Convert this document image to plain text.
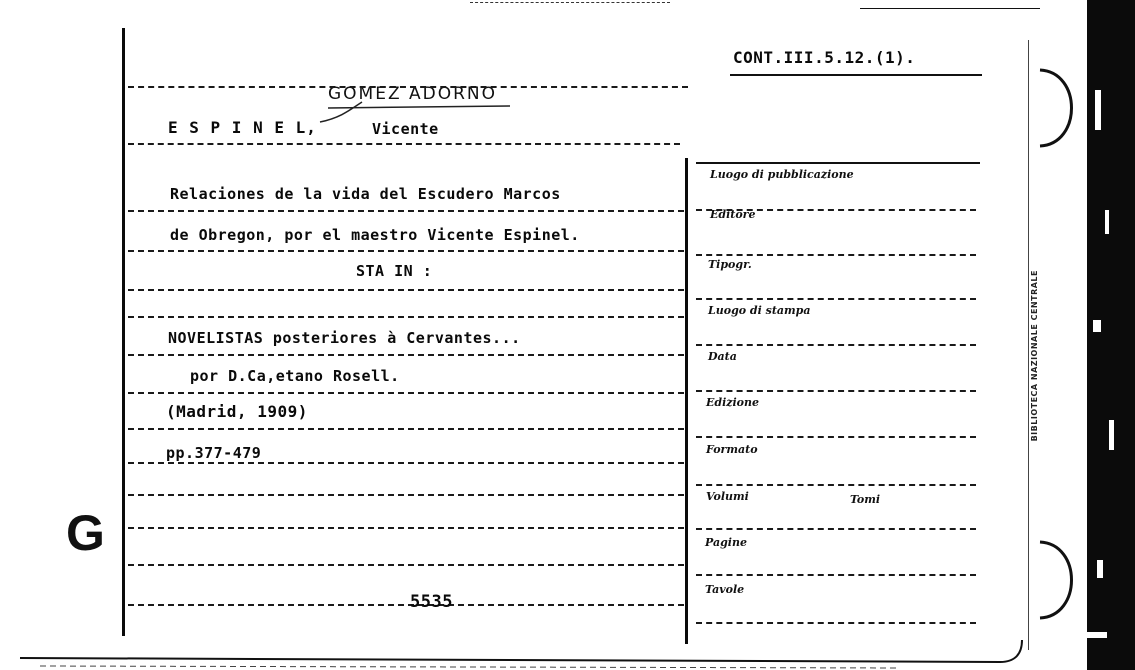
CONT.III.5.12.(1).
GOMEZ ADORNO
E S P I N E L,	Vicente
Relaciones de la vida del Escudero Marcos
de Obregon, por el maestro Vicente Espinel.
STA IN :
NOVELISTAS posteriores à Cervantes...
por D.Ca,etano Rosell.
(Madrid, 1909)
pp.377-479
5535
G
Luogo di pubblicazione
Editore
Tipogr.
Luogo di stampa
Data
Edizione
Formato
Volumi	Tomi
Pagine
Tavole
BIBLIOTECA NAZIONALE CENTRALE
